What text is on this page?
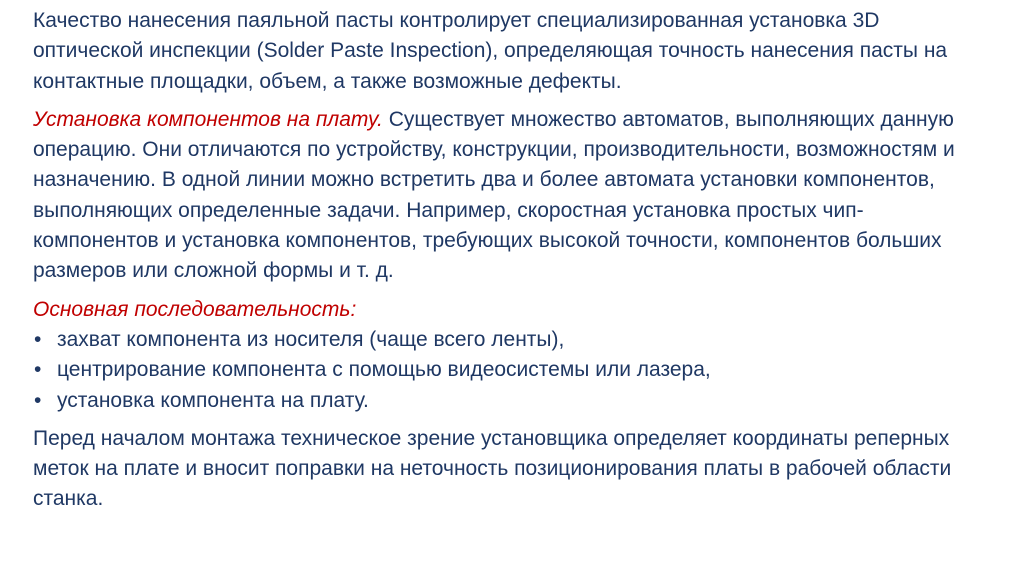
Качество нанесения паяльной пасты контролирует специализированная установка 3D оптической инспекции (Solder Paste Inspection), определяющая точность нанесения пасты на контактные площадки, объем, а также возможные дефекты.

Установка компонентов на плату. Существует множество автоматов, выполняющих данную операцию. Они отличаются по устройству, конструкции, производительности, возможностям и назначению. В одной линии можно встретить два и более автомата установки компонентов, выполняющих определенные задачи. Например, скоростная установка простых чип-компонентов и установка компонентов, требующих высокой точности, компонентов больших размеров или сложной формы и т. д.

Основная последовательность:

• захват компонента из носителя (чаще всего ленты),
• центрирование компонента с помощью видеосистемы или лазера,
• установка компонента на плату.

Перед началом монтажа техническое зрение установщика определяет координаты реперных меток на плате и вносит поправки на неточность позиционирования платы в рабочей области станка.
